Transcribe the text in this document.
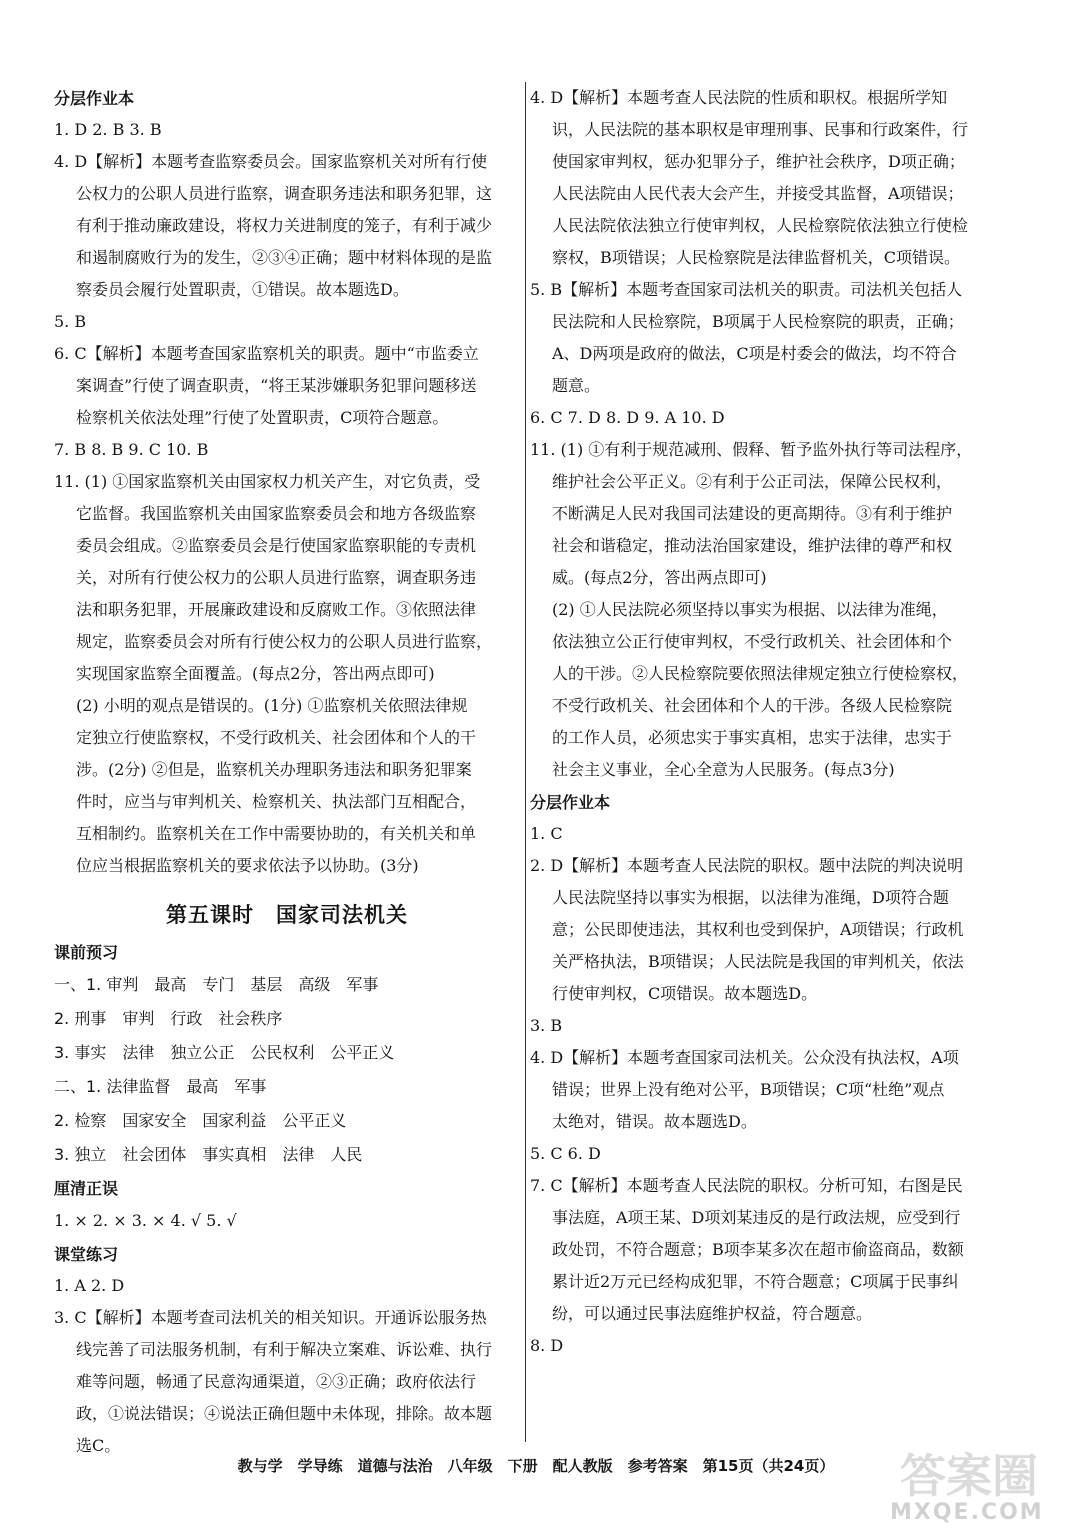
分层作业本
1. D 2. B 3. B
4. D【解析】本题考查监察委员会。国家监察机关对所有行使
公权力的公职人员进行监察，调查职务违法和职务犯罪，这
有利于推动廉政建设，将权力关进制度的笼子，有利于减少
和遏制腐败行为的发生，②③④正确；题中材料体现的是监
察委员会履行处置职责，①错误。故本题选D。
5. B
6. C【解析】本题考查国家监察机关的职责。题中“市监委立
案调查”行使了调查职责，“将王某涉嫌职务犯罪问题移送
检察机关依法处理”行使了处置职责，C项符合题意。
7. B 8. B 9. C 10. B
11. (1) ①国家监察机关由国家权力机关产生，对它负责，受
它监督。我国监察机关由国家监察委员会和地方各级监察
委员会组成。②监察委员会是行使国家监察职能的专责机
关，对所有行使公权力的公职人员进行监察，调查职务违
法和职务犯罪，开展廉政建设和反腐败工作。③依照法律
规定，监察委员会对所有行使公权力的公职人员进行监察，
实现国家监察全面覆盖。(每点2分，答出两点即可)
(2) 小明的观点是错误的。(1分) ①监察机关依照法律规
定独立行使监察权，不受行政机关、社会团体和个人的干
涉。(2分) ②但是，监察机关办理职务违法和职务犯罪案
件时，应当与审判机关、检察机关、执法部门互相配合，
互相制约。监察机关在工作中需要协助的，有关机关和单
位应当根据监察机关的要求依法予以协助。(3分)
第五课时　国家司法机关
课前预习
一、1. 审判　最高　专门　基层　高级　军事
2. 刑事　审判　行政　社会秩序
3. 事实　法律　独立公正　公民权利　公平正义
二、1. 法律监督　最高　军事
2. 检察　国家安全　国家利益　公平正义
3. 独立　社会团体　事实真相　法律　人民
厘清正误
1. × 2. × 3. × 4. √ 5. √
课堂练习
1. A 2. D
3. C【解析】本题考查司法机关的相关知识。开通诉讼服务热
线完善了司法服务机制，有利于解决立案难、诉讼难、执行
难等问题，畅通了民意沟通渠道，②③正确；政府依法行
政，①说法错误；④说法正确但题中未体现，排除。故本题
选C。
4. D【解析】本题考查人民法院的性质和职权。根据所学知
识，人民法院的基本职权是审理刑事、民事和行政案件，行
使国家审判权，惩办犯罪分子，维护社会秩序，D项正确；
人民法院由人民代表大会产生，并接受其监督，A项错误；
人民法院依法独立行使审判权，人民检察院依法独立行使检
察权，B项错误；人民检察院是法律监督机关，C项错误。
5. B【解析】本题考查国家司法机关的职责。司法机关包括人
民法院和人民检察院，B项属于人民检察院的职责，正确；
A、D两项是政府的做法，C项是村委会的做法，均不符合
题意。
6. C 7. D 8. D 9. A 10. D
11. (1) ①有利于规范减刑、假释、暂予监外执行等司法程序，
维护社会公平正义。②有利于公正司法，保障公民权利，
不断满足人民对我国司法建设的更高期待。③有利于维护
社会和谐稳定，推动法治国家建设，维护法律的尊严和权
威。(每点2分，答出两点即可)
(2) ①人民法院必须坚持以事实为根据、以法律为准绳，
依法独立公正行使审判权，不受行政机关、社会团体和个
人的干涉。②人民检察院要依照法律规定独立行使检察权，
不受行政机关、社会团体和个人的干涉。各级人民检察院
的工作人员，必须忠实于事实真相，忠实于法律，忠实于
社会主义事业，全心全意为人民服务。(每点3分)
分层作业本
1. C
2. D【解析】本题考查人民法院的职权。题中法院的判决说明
人民法院坚持以事实为根据，以法律为准绳，D项符合题
意；公民即使违法，其权利也受到保护，A项错误；行政机
关严格执法，B项错误；人民法院是我国的审判机关，依法
行使审判权，C项错误。故本题选D。
3. B
4. D【解析】本题考查国家司法机关。公众没有执法权，A项
错误；世界上没有绝对公平，B项错误；C项“杜绝”观点
太绝对，错误。故本题选D。
5. C 6. D
7. C【解析】本题考查人民法院的职权。分析可知，右图是民
事法庭，A项王某、D项刘某违反的是行政法规，应受到行
政处罚，不符合题意；B项李某多次在超市偷盗商品，数额
累计近2万元已经构成犯罪，不符合题意；C项属于民事纠
纷，可以通过民事法庭维护权益，符合题意。
8. D
教与学　学导练　道德与法治　八年级　下册　配人教版　参考答案　第15页（共24页）	答案圈
MXQE.COM
